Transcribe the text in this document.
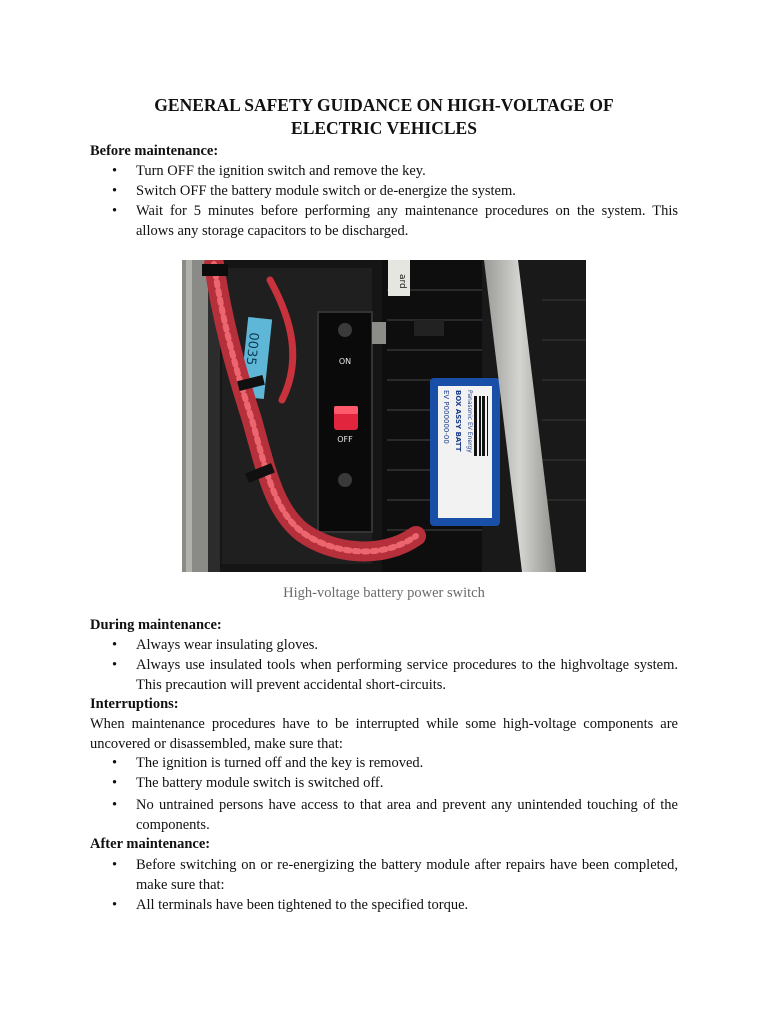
GENERAL SAFETY GUIDANCE ON HIGH-VOLTAGE OF
ELECTRIC VEHICLES
Before maintenance:
• Turn OFF the ignition switch and remove the key.
• Switch OFF the battery module switch or de-energize the system.
• Wait for 5 minutes before performing any maintenance procedures on the system. This allows any storage capacitors to be discharged.
ard
0035	ON
OFF	EV P000000-00 BOX ASSY BATT Panasonic EV Energy
High-voltage battery power switch
During maintenance:
• Always wear insulating gloves.
• Always use insulated tools when performing service procedures to the highvoltage system. This precaution will prevent accidental short-circuits.
Interruptions:
When maintenance procedures have to be interrupted while some high-voltage components are uncovered or disassembled, make sure that:
• The ignition is turned off and the key is removed.
• The battery module switch is switched off.
• No untrained persons have access to that area and prevent any unintended touching of the components.
After maintenance:
• Before switching on or re-energizing the battery module after repairs have been completed, make sure that:
• All terminals have been tightened to the specified torque.
